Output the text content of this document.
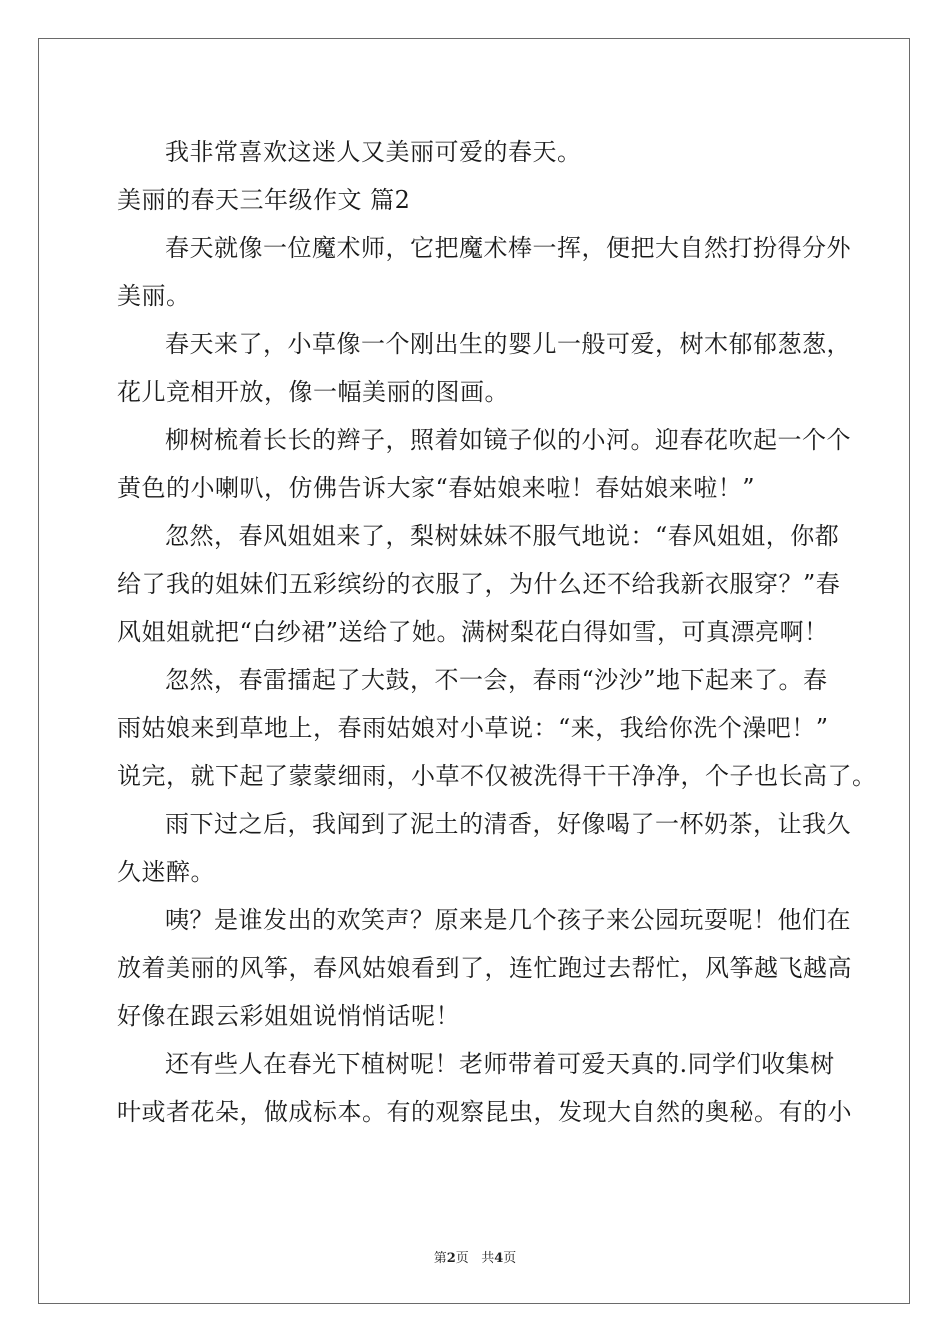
我非常喜欢这迷人又美丽可爱的春天。
美丽的春天三年级作文 篇2
春天就像一位魔术师，它把魔术棒一挥，便把大自然打扮得分外
美丽。
春天来了，小草像一个刚出生的婴儿一般可爱，树木郁郁葱葱，
花儿竞相开放，像一幅美丽的图画。
柳树梳着长长的辫子，照着如镜子似的小河。迎春花吹起一个个
黄色的小喇叭，仿佛告诉大家“春姑娘来啦！春姑娘来啦！”
忽然，春风姐姐来了，梨树妹妹不服气地说：“春风姐姐，你都
给了我的姐妹们五彩缤纷的衣服了，为什么还不给我新衣服穿？”春
风姐姐就把“白纱裙”送给了她。满树梨花白得如雪，可真漂亮啊！
忽然，春雷擂起了大鼓，不一会，春雨“沙沙”地下起来了。春
雨姑娘来到草地上，春雨姑娘对小草说：“来，我给你洗个澡吧！”
说完，就下起了蒙蒙细雨，小草不仅被洗得干干净净，个子也长高了。
雨下过之后，我闻到了泥土的清香，好像喝了一杯奶茶，让我久
久迷醉。
咦？是谁发出的欢笑声？原来是几个孩子来公园玩耍呢！他们在
放着美丽的风筝，春风姑娘看到了，连忙跑过去帮忙，风筝越飞越高
好像在跟云彩姐姐说悄悄话呢！
还有些人在春光下植树呢！老师带着可爱天真的.同学们收集树
叶或者花朵，做成标本。有的观察昆虫，发现大自然的奥秘。有的小
第2页 共4页
